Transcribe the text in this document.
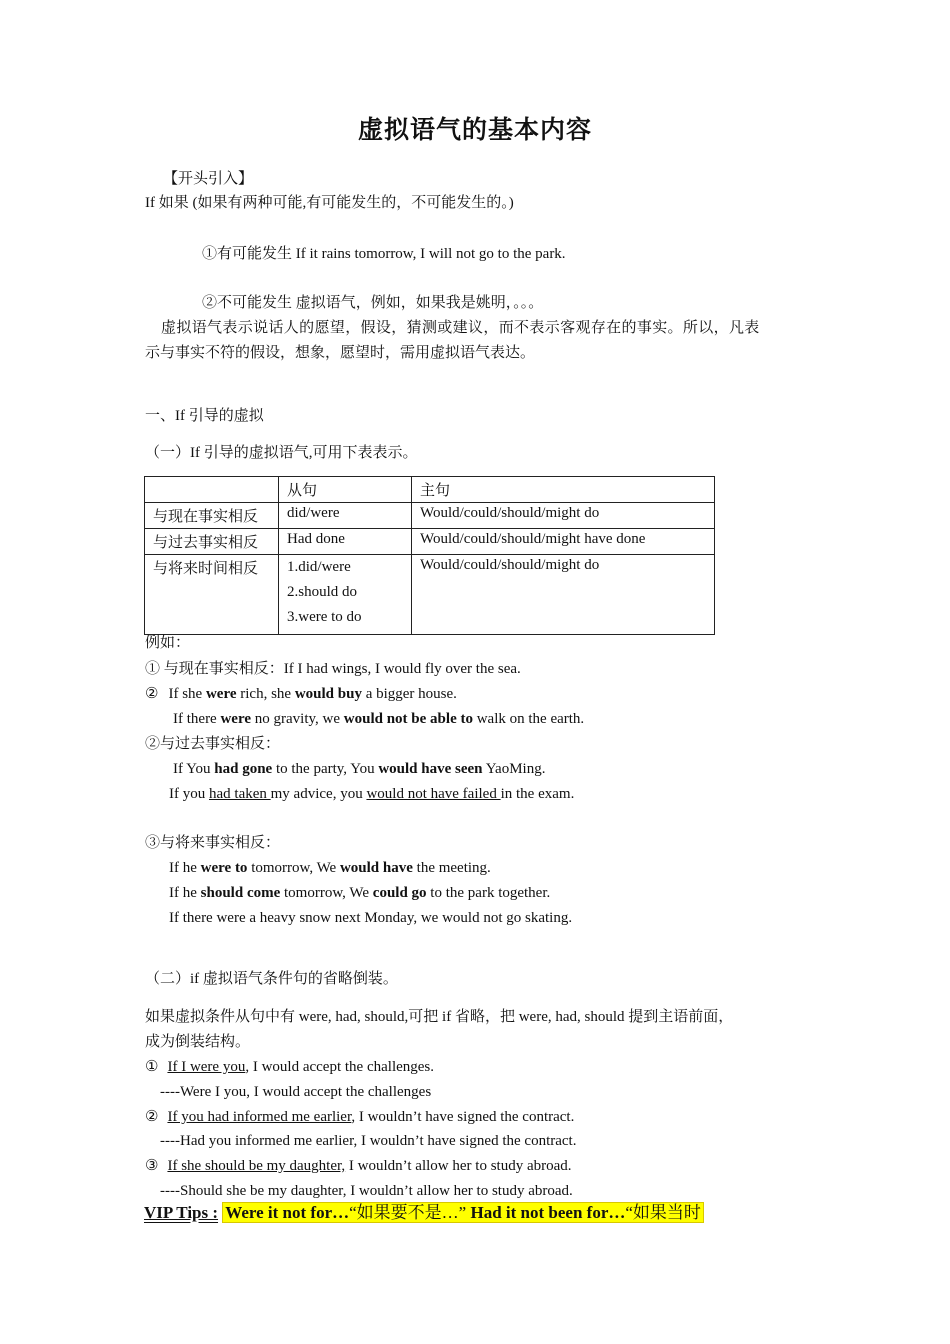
虚拟语气的基本内容
【开头引入】
If 如果 (如果有两种可能,有可能发生的，不可能发生的。)
①有可能发生 If it rains tomorrow, I will not go to the park.
②不可能发生 虚拟语气，例如，如果我是姚明，。。。
虚拟语气表示说话人的愿望，假设，猜测或建议，而不表示客观存在的事实。所以，凡表
示与事实不符的假设，想象，愿望时，需用虚拟语气表达。
一、If 引导的虚拟
（一）If 引导的虚拟语气,可用下表表示。
	从句	主句
与现在事实相反	did/were	Would/could/should/might do
与过去事实相反	Had done	Would/could/should/might have done
与将来时间相反	1.did/were
2.should do
3.were to do	Would/could/should/might do
例如：
① 与现在事实相反：If I had wings, I would fly over the sea.
② If she were rich, she would buy a bigger house.
If there were no gravity, we would not be able to walk on the earth.
②与过去事实相反：
If You had gone to the party, You would have seen YaoMing.
If you had taken my advice, you would not have failed in the exam.
③与将来事实相反：
If he were to tomorrow, We would have the meeting.
If he should come tomorrow, We could go to the park together.
If there were a heavy snow next Monday, we would not go skating.
（二）if 虚拟语气条件句的省略倒装。
如果虚拟条件从句中有 were, had, should,可把 if 省略，把 were, had, should 提到主语前面，
成为倒装结构。
① If I were you, I would accept the challenges.
----Were I you, I would accept the challenges
② If you had informed me earlier, I wouldn’t have signed the contract.
----Had you informed me earlier, I wouldn’t have signed the contract.
③ If she should be my daughter, I wouldn’t allow her to study abroad.
----Should she be my daughter, I wouldn’t allow her to study abroad.
VIP Tips : Were it not for…“如果要不是…” Had it not been for…“如果当时
